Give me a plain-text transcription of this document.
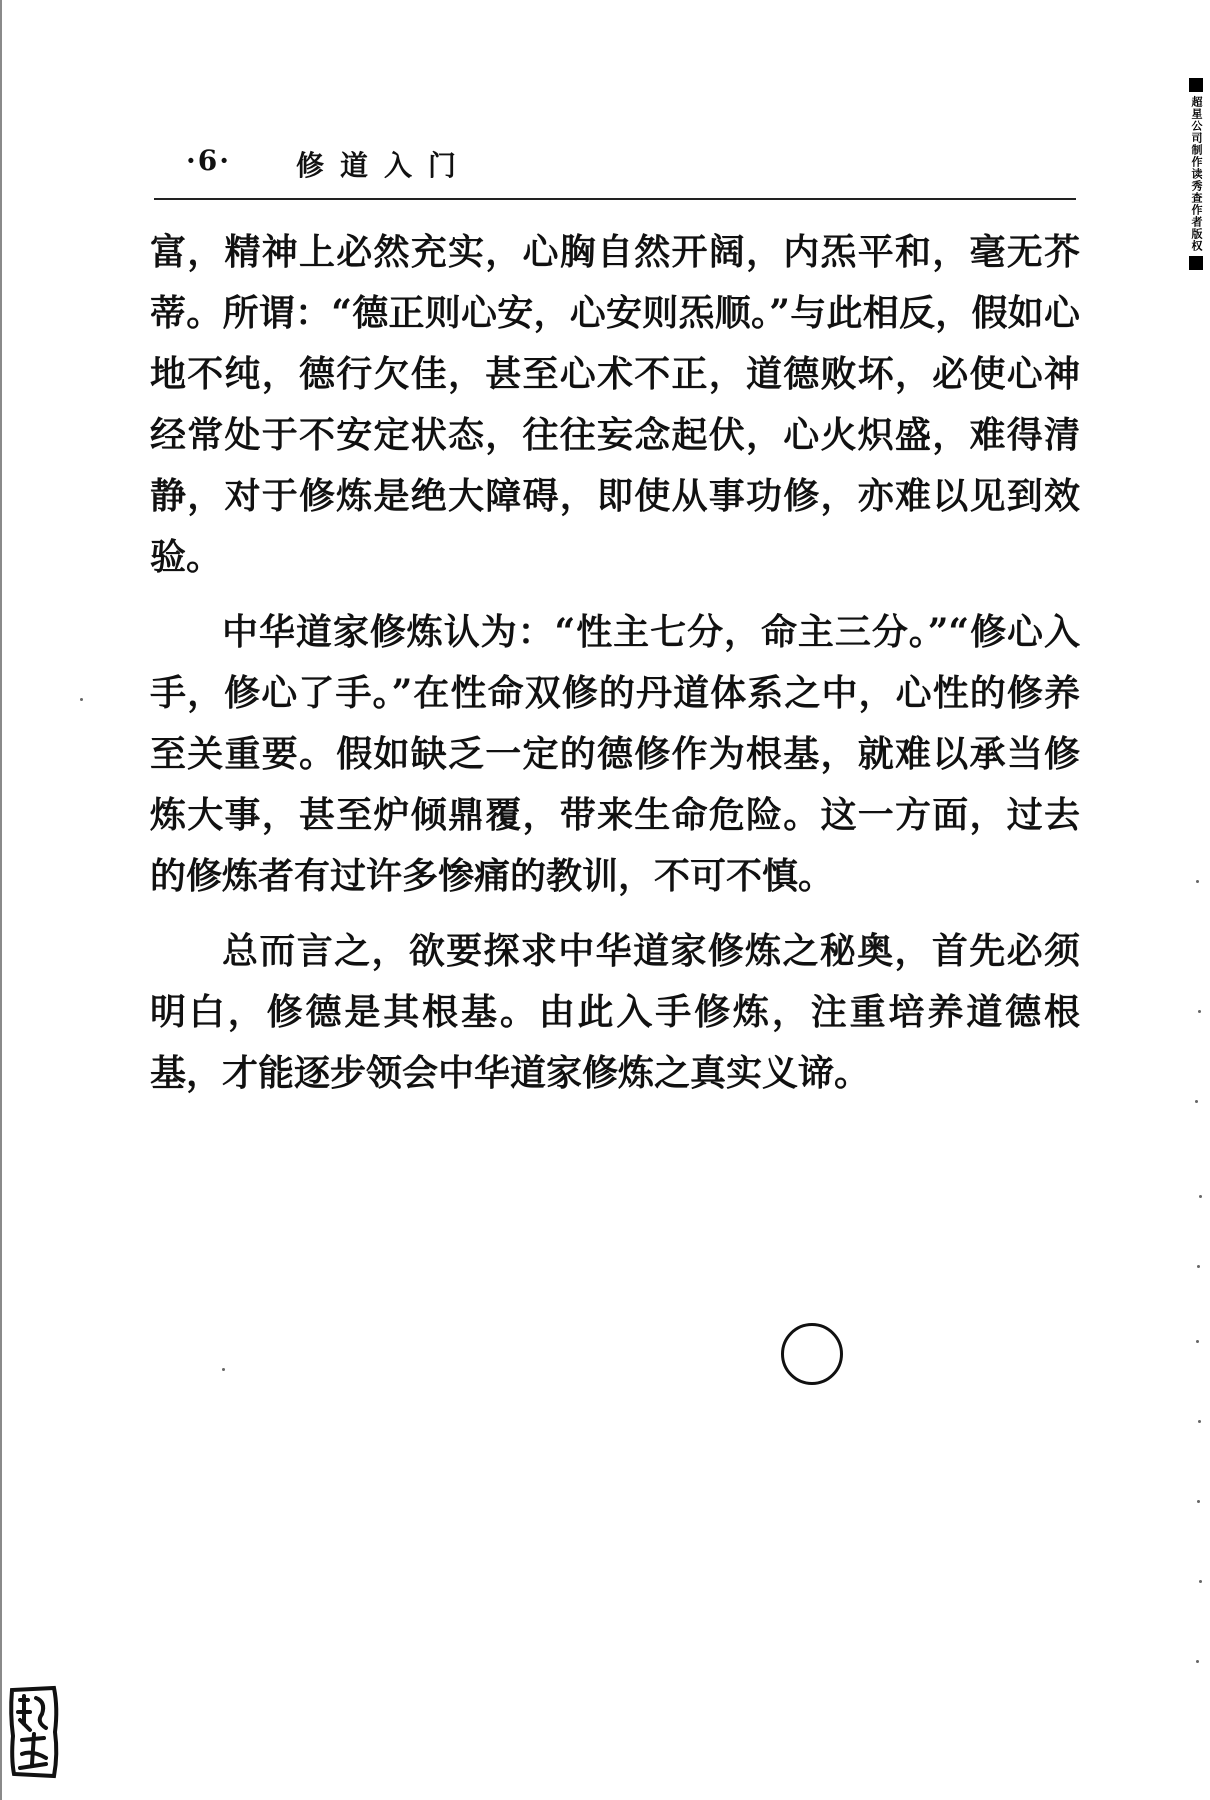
·6· 修道入门

富，精神上必然充实，心胸自然开阔，内炁平和，毫无芥蒂。所谓：“德正则心安，心安则炁顺。”与此相反，假如心地不纯，德行欠佳，甚至心术不正，道德败坏，必使心神经常处于不安定状态，往往妄念起伏，心火炽盛，难得清静，对于修炼是绝大障碍，即使从事功修，亦难以见到效验。

中华道家修炼认为：“性主七分，命主三分。”“修心入手，修心了手。”在性命双修的丹道体系之中，心性的修养至关重要。假如缺乏一定的德修作为根基，就难以承当修炼大事，甚至炉倾鼎覆，带来生命危险。这一方面，过去的修炼者有过许多惨痛的教训，不可不慎。

总而言之，欲要探求中华道家修炼之秘奥，首先必须明白，修德是其根基。由此入手修炼，注重培养道德根基，才能逐步领会中华道家修炼之真实义谛。

超星公司制作读秀查作者版权
